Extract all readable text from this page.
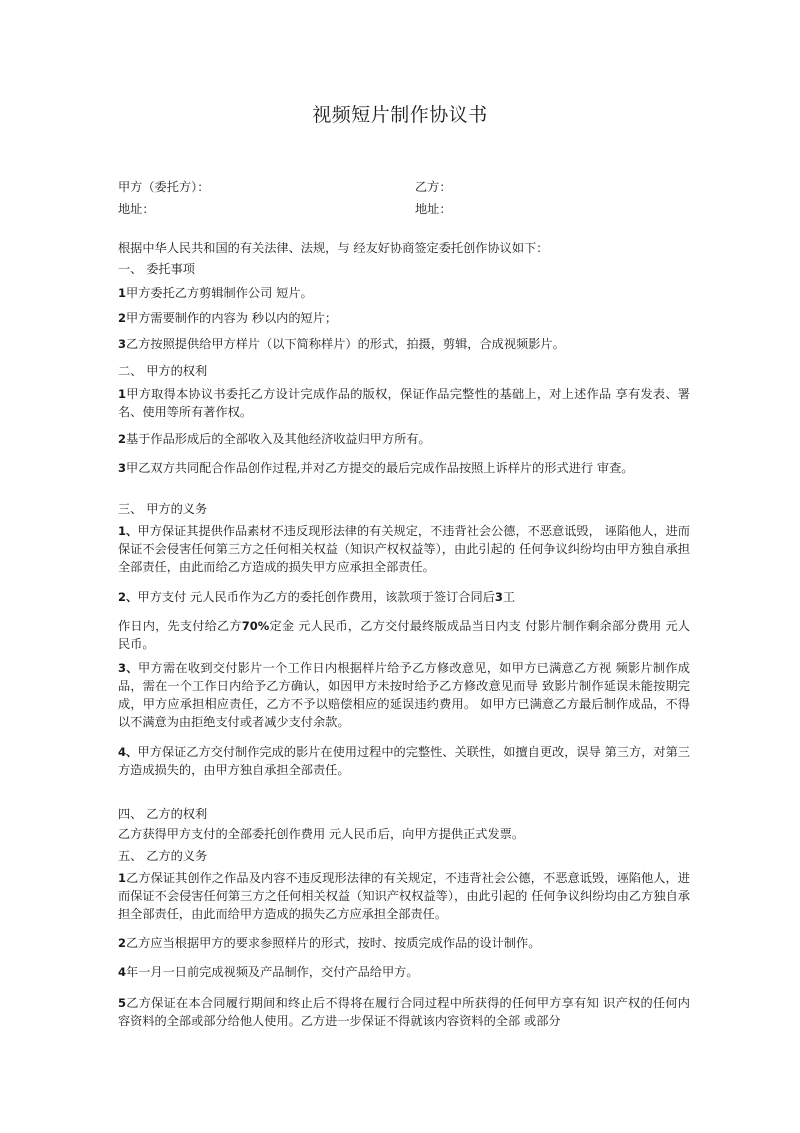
视频短片制作协议书
甲方（委托方）：	乙方：
地址：	地址：
根据中华人民共和国的有关法律、法规，与 经友好协商签定委托创作协议如下：
一、 委托事项
1甲方委托乙方剪辑制作公司 短片。
2甲方需要制作的内容为 秒以内的短片；
3乙方按照提供给甲方样片（以下简称样片）的形式，拍摄，剪辑，合成视频影片。
二、 甲方的权利
1甲方取得本协议书委托乙方设计完成作品的版权，保证作品完整性的基础上，对上述作品 享有发表、署名、使用等所有著作权。
2基于作品形成后的全部收入及其他经济收益归甲方所有。
3甲乙双方共同配合作品创作过程,并对乙方提交的最后完成作品按照上诉样片的形式进行 审查。
三、 甲方的义务
1、甲方保证其提供作品素材不违反现形法律的有关规定，不违背社会公德，不恶意诋毁， 诬陷他人，进而保证不会侵害任何第三方之任何相关权益（知识产权权益等），由此引起的 任何争议纠纷均由甲方独自承担全部责任，由此而给乙方造成的损失甲方应承担全部责任。
2、甲方支付 元人民币作为乙方的委托创作费用，该款项于签订合同后3工
作日内，先支付给乙方70%定金 元人民币，乙方交付最终版成品当日内支 付影片制作剩余部分费用 元人民币。
3、甲方需在收到交付影片一个工作日内根据样片给予乙方修改意见，如甲方已满意乙方视 频影片制作成品，需在一个工作日内给予乙方确认，如因甲方未按时给予乙方修改意见而导 致影片制作延误未能按期完成，甲方应承担相应责任，乙方不予以赔偿相应的延误违约费用。 如甲方已满意乙方最后制作成品，不得以不满意为由拒绝支付或者减少支付余款。
4、甲方保证乙方交付制作完成的影片在使用过程中的完整性、关联性，如擅自更改，误导 第三方，对第三方造成损失的，由甲方独自承担全部责任。
四、 乙方的权利
乙方获得甲方支付的全部委托创作费用 元人民币后，向甲方提供正式发票。
五、 乙方的义务
1乙方保证其创作之作品及内容不违反现形法律的有关规定，不违背社会公德，不恶意诋毁，诬陷他人，进而保证不会侵害任何第三方之任何相关权益（知识产权权益等），由此引起的 任何争议纠纷均由乙方独自承担全部责任，由此而给甲方造成的损失乙方应承担全部责任。
2乙方应当根据甲方的要求参照样片的形式，按时、按质完成作品的设计制作。
4年一月一日前完成视频及产品制作，交付产品给甲方。
5乙方保证在本合同履行期间和终止后不得将在履行合同过程中所获得的任何甲方享有知 识产权的任何内容资料的全部或部分给他人使用。乙方进一步保证不得就该内容资料的全部 或部分
